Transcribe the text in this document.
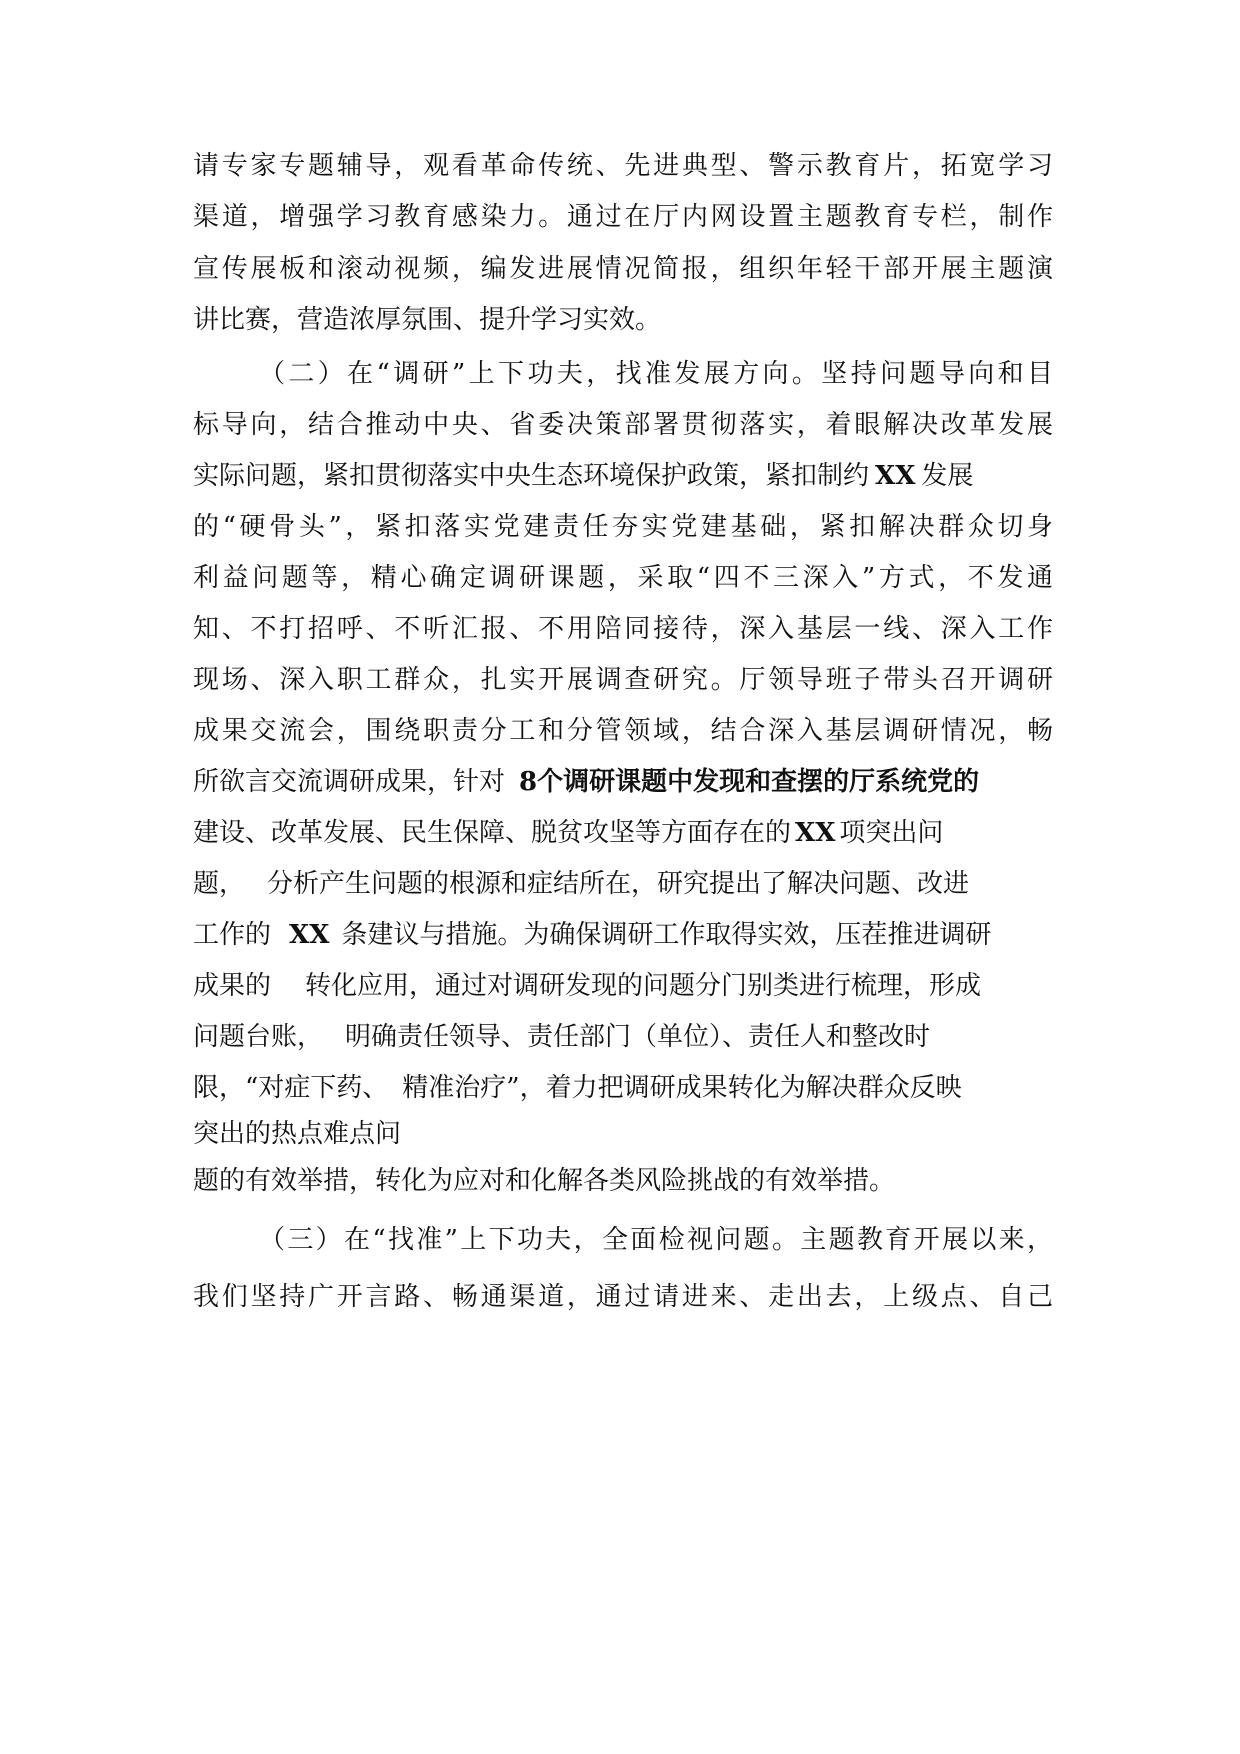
请专家专题辅导，观看革命传统、先进典型、警示教育片，拓宽学习
渠道，增强学习教育感染力。通过在厅内网设置主题教育专栏，制作
宣传展板和滚动视频，编发进展情况简报，组织年轻干部开展主题演
讲比赛，营造浓厚氛围、提升学习实效。
（二）在“调研”上下功夫，找准发展方向。坚持问题导向和目
标导向，结合推动中央、省委决策部署贯彻落实，着眼解决改革发展
实际问题，紧扣贯彻落实中央生态环境保护政策，紧扣制约 XX 发展
的“硬骨头”，紧扣落实党建责任夯实党建基础，紧扣解决群众切身
利益问题等，精心确定调研课题，采取“四不三深入”方式，不发通
知、不打招呼、不听汇报、不用陪同接待，深入基层一线、深入工作
现场、深入职工群众，扎实开展调查研究。厅领导班子带头召开调研
成果交流会，围绕职责分工和分管领域，结合深入基层调研情况，畅
所欲言交流调研成果，针对 8个调研课题中发现和查摆的厅系统党的
建设、改革发展、民生保障、脱贫攻坚等方面存在的 XX 项突出问
题， 分析产生问题的根源和症结所在，研究提出了解决问题、改进
工作的 XX 条建议与措施。为确保调研工作取得实效，压茬推进调研
成果的 转化应用，通过对调研发现的问题分门别类进行梳理，形成
问题台账， 明确责任领导、责任部门（单位）、责任人和整改时
限，“对症下药、 精准治疗”，着力把调研成果转化为解决群众反映
突出的热点难点问
题的有效举措，转化为应对和化解各类风险挑战的有效举措。
（三）在“找准”上下功夫，全面检视问题。主题教育开展以来，
我们坚持广开言路、畅通渠道，通过请进来、走出去，上级点、自己
